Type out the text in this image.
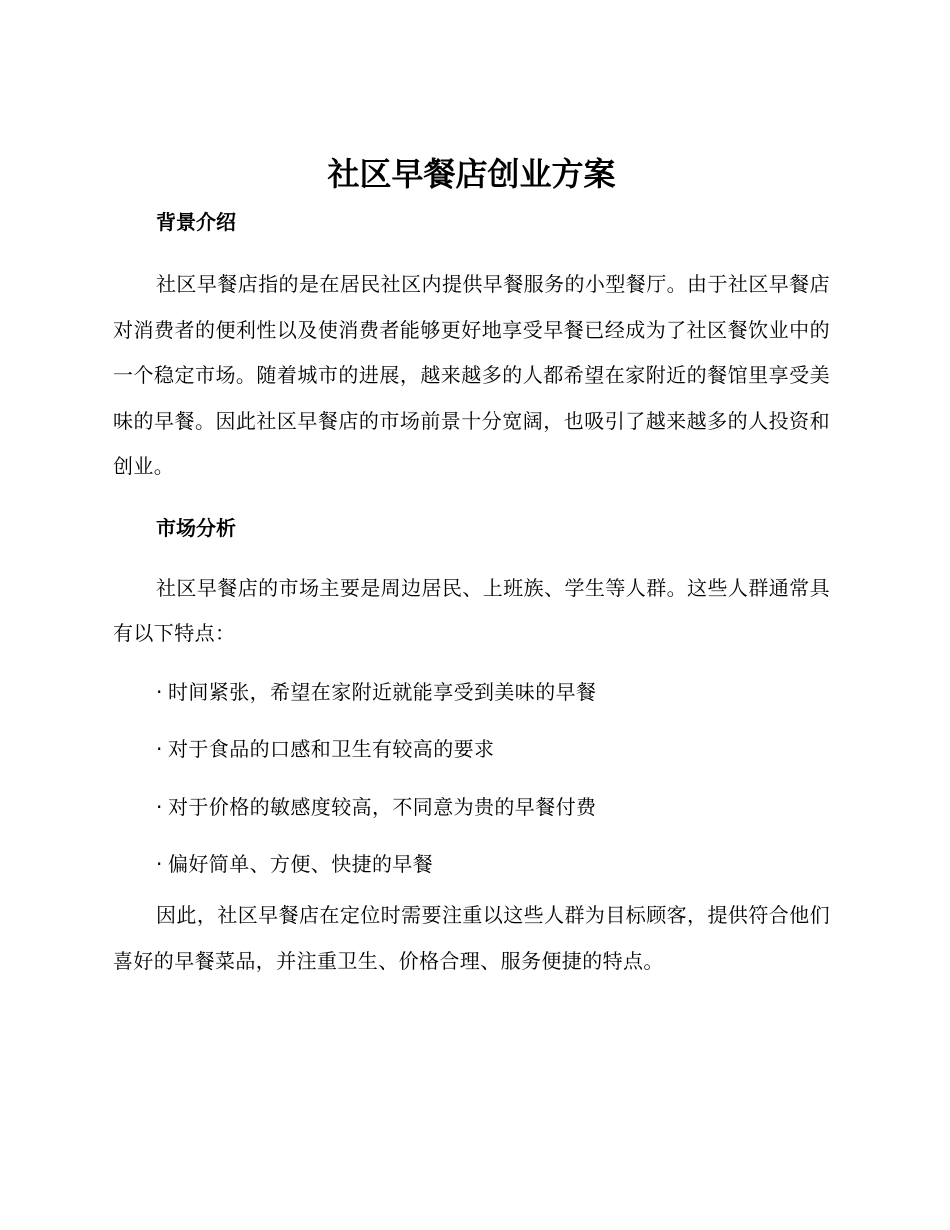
社区早餐店创业方案
背景介绍

社区早餐店指的是在居民社区内提供早餐服务的小型餐厅。由于社区早餐店对消费者的便利性以及使消费者能够更好地享受早餐已经成为了社区餐饮业中的一个稳定市场。随着城市的进展，越来越多的人都希望在家附近的餐馆里享受美味的早餐。因此社区早餐店的市场前景十分宽阔，也吸引了越来越多的人投资和创业。

市场分析

社区早餐店的市场主要是周边居民、上班族、学生等人群。这些人群通常具有以下特点：

· 时间紧张，希望在家附近就能享受到美味的早餐
· 对于食品的口感和卫生有较高的要求
· 对于价格的敏感度较高，不同意为贵的早餐付费
· 偏好简单、方便、快捷的早餐

因此，社区早餐店在定位时需要注重以这些人群为目标顾客，提供符合他们喜好的早餐菜品，并注重卫生、价格合理、服务便捷的特点。
